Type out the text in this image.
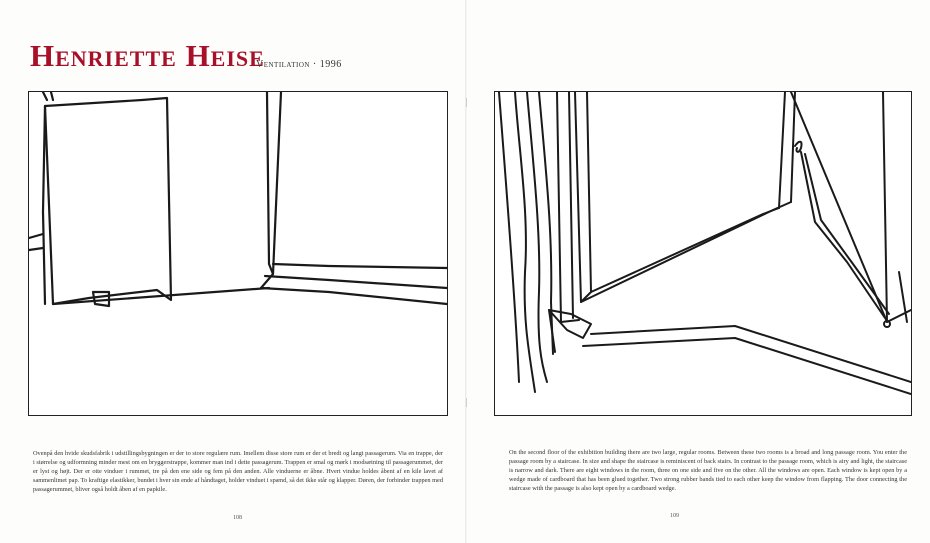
Henriette Heise
Ventilation · 1996

Ovenpå den hvide skudsfabrik i udstillingsbygningen er der to store regulære rum. Imellem disse store rum er der et bredt og langt passagerum. Via en trappe, der i størrelse og udformning minder mest om en bryggerstrappe, kommer man ind i dette passagerum. Trappen er smal og mørk i modsætning til passagerummet, der er lyst og højt. Der er otte vinduer i rummet, tre på den ene side og fem på den anden. Alle vinduerne er åbne. Hvert vindue holdes åbent af en kile lavet af sammenlimet pap. To kraftige elastikker, bundet i hver sin ende af håndtaget, holder vinduet i spænd, så det ikke står og klapper. Døren, der forbinder trappen med passagerummet, bliver også holdt åben af en papkile.

On the second floor of the exhibition building there are two large, regular rooms. Between these two rooms is a broad and long passage room. You enter the passage room by a staircase. In size and shape the staircase is reminiscent of back stairs. In contrast to the passage room, which is airy and light, the staircase is narrow and dark. There are eight windows in the room, three on one side and five on the other. All the windows are open. Each window is kept open by a wedge made of cardboard that has been glued together. Two strong rubber bands tied to each other keep the window from flapping. The door connecting the staircase with the passage is also kept open by a cardboard wedge.

108	109
